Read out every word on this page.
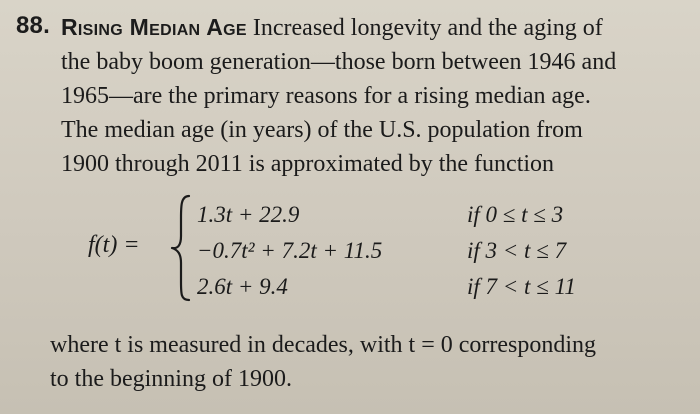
88. Rising Median Age Increased longevity and the aging of
the baby boom generation—those born between 1946 and
1965—are the primary reasons for a rising median age.
The median age (in years) of the U.S. population from
1900 through 2011 is approximated by the function
f(t) =
1.3t + 22.9	if 0 ≤ t ≤ 3
−0.7t² + 7.2t + 11.5	if 3 < t ≤ 7
2.6t + 9.4	if 7 < t ≤ 11
where t is measured in decades, with t = 0 corresponding
to the beginning of 1900.
